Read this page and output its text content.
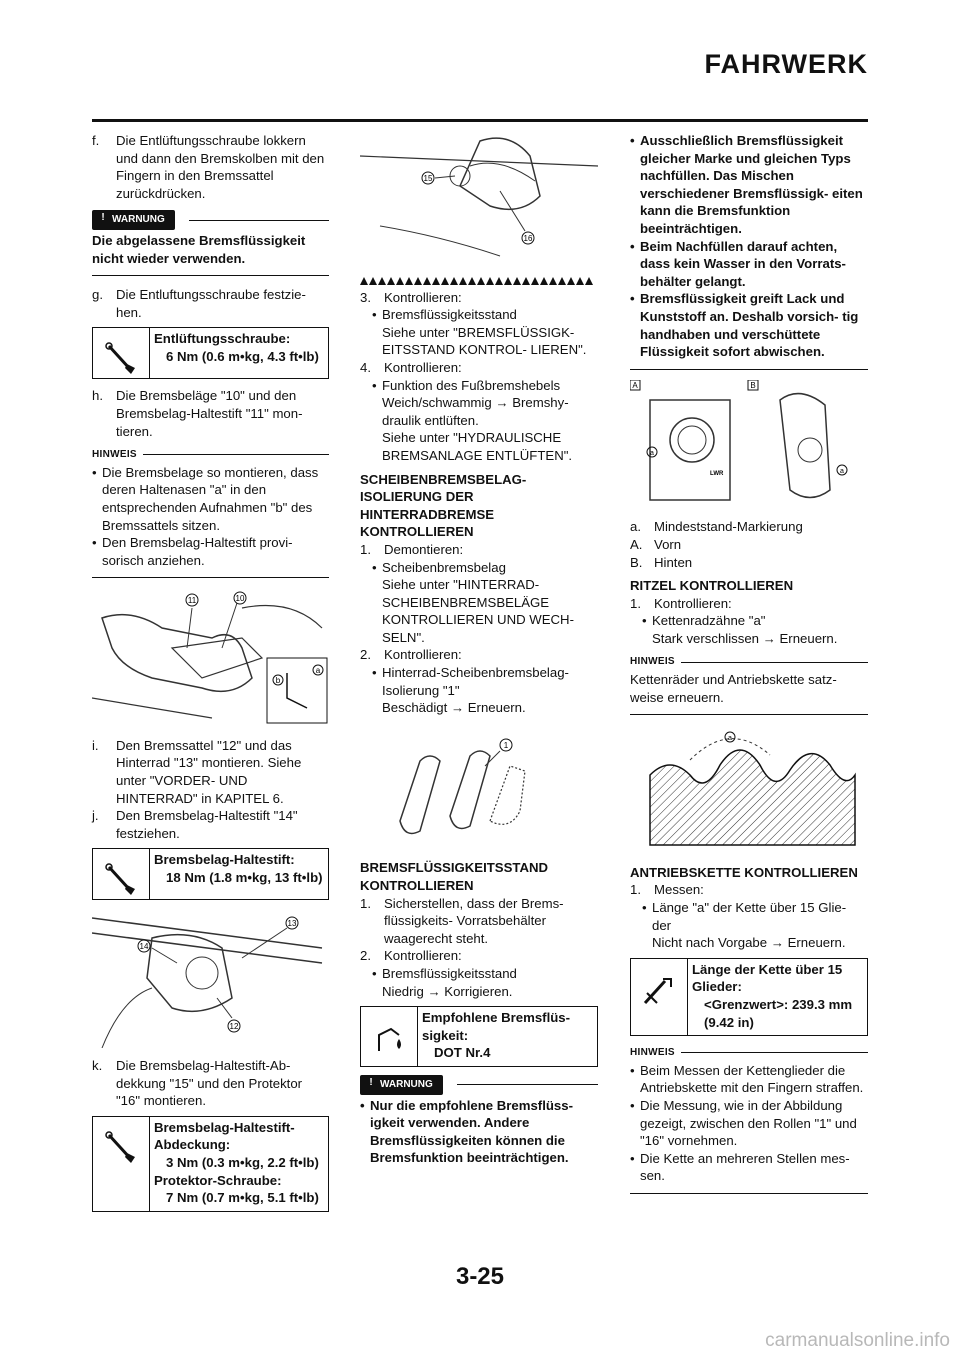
FAHRWERK
f. Die Entlüftungsschraube lokkern und dann den Bremskolben mit den Fingern in den Bremssattel zurückdrücken.
! WARNUNG
Die abgelassene Bremsflüssigkeit nicht wieder verwenden.
g. Die Entluftungsschraube festzie- hen.
Entlüftungsschraube:
6 Nm (0.6 m•kg, 4.3 ft•lb)
h. Die Bremsbeläge "10" und den Bremsbelag-Haltestift "11" mon- tieren.
HINWEIS
• Die Bremsbelage so montieren, dass deren Haltenasen "a" in den entsprechenden Aufnahmen "b" des Bremssattels sitzen.
• Den Bremsbelag-Haltestift provi- sorisch anziehen.
11	10
b
a
i. Den Bremssattel "12" und das Hinterrad "13" montieren. Siehe unter "VORDER- UND HINTERRAD" in KAPITEL 6.
j. Den Bremsbelag-Haltestift "14" festziehen.
Bremsbelag-Haltestift:
18 Nm (1.8 m•kg, 13 ft•lb)
13
14
12
k. Die Bremsbelag-Haltestift-Ab- dekkung "15" und den Protektor "16" montieren.
Bremsbelag-Haltestift- Abdeckung:
3 Nm (0.3 m•kg, 2.2 ft•lb)
Protektor-Schraube:
7 Nm (0.7 m•kg, 5.1 ft•lb)
15
16
3. Kontrollieren:
• Bremsflüssigkeitsstand
Siehe unter "BREMSFLÜSSIGK- EITSSTAND KONTROL- LIEREN".
4. Kontrollieren:
• Funktion des Fußbremshebels
Weich/schwammig → Bremshy- draulik entlüften.
Siehe unter "HYDRAULISCHE BREMSANLAGE ENTLÜFTEN".
SCHEIBENBREMSBELAG- ISOLIERUNG DER HINTERRADBREMSE KONTROLLIEREN
1. Demontieren:
• Scheibenbremsbelag
Siehe unter "HINTERRAD- SCHEIBENBREMSBELÄGE KONTROLLIEREN UND WECH- SELN".
2. Kontrollieren:
• Hinterrad-Scheibenbremsbelag- Isolierung "1"
Beschädigt → Erneuern.
1
BREMSFLÜSSIGKEITSSTAND KONTROLLIEREN
1. Sicherstellen, dass der Brems- flüssigkeits- Vorratsbehälter waagerecht steht.
2. Kontrollieren:
• Bremsflüssigkeitsstand
Niedrig → Korrigieren.
Empfohlene Bremsflüs- sigkeit:
DOT Nr.4
! WARNUNG
• Nur die empfohlene Bremsflüss- igkeit verwenden. Andere Bremsflüssigkeiten können die Bremsfunktion beeinträchtigen.
• Ausschließlich Bremsflüssigkeit gleicher Marke und gleichen Typs nachfüllen. Das Mischen verschiedener Bremsflüssigk- eiten kann die Bremsfunktion beeinträchtigen.
• Beim Nachfüllen darauf achten, dass kein Wasser in den Vorrats- behälter gelangt.
• Bremsflüssigkeit greift Lack und Kunststoff an. Deshalb vorsich- tig handhaben und verschüttete Flüssigkeit sofort abwischen.
A	B
LWR
a
a
a. Mindeststand-Markierung
A. Vorn
B. Hinten
RITZEL KONTROLLIEREN
1. Kontrollieren:
• Kettenradzähne "a"
Stark verschlissen → Erneuern.
HINWEIS
Kettenräder und Antriebskette satz- weise erneuern.
a
ANTRIEBSKETTE KONTROLLIEREN
1. Messen:
• Länge "a" der Kette über 15 Glie- der
Nicht nach Vorgabe → Erneuern.
Länge der Kette über 15 Glieder:
<Grenzwert>: 239.3 mm (9.42 in)
HINWEIS
• Beim Messen der Kettenglieder die Antriebskette mit den Fingern straffen.
• Die Messung, wie in der Abbildung gezeigt, zwischen den Rollen "1" und "16" vornehmen.
• Die Kette an mehreren Stellen mes- sen.
3-25
carmanualsonline.info
